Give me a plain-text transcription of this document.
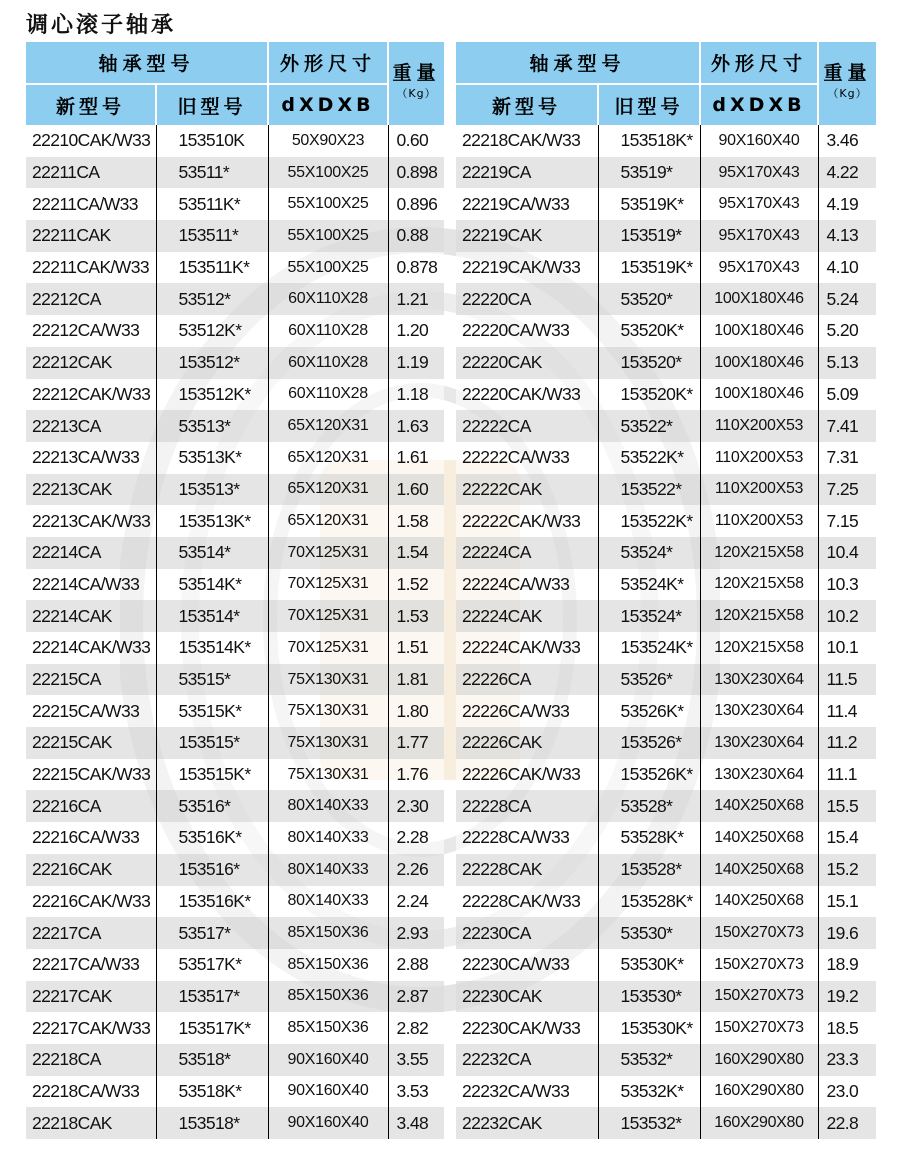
调心滚子轴承
轴承型号		外形尺寸	重量
（Kg）
新型号	旧型号	dXDXB	
22210CAK/W33	153510K	50X90X23	0.60
22211CA	53511*	55X100X25	0.898
22211CA/W33	53511K*	55X100X25	0.896
22211CAK	153511*	55X100X25	0.88
22211CAK/W33	153511K*	55X100X25	0.878
22212CA	53512*	60X110X28	1.21
22212CA/W33	53512K*	60X110X28	1.20
22212CAK	153512*	60X110X28	1.19
22212CAK/W33	153512K*	60X110X28	1.18
22213CA	53513*	65X120X31	1.63
22213CA/W33	53513K*	65X120X31	1.61
22213CAK	153513*	65X120X31	1.60
22213CAK/W33	153513K*	65X120X31	1.58
22214CA	53514*	70X125X31	1.54
22214CA/W33	53514K*	70X125X31	1.52
22214CAK	153514*	70X125X31	1.53
22214CAK/W33	153514K*	70X125X31	1.51
22215CA	53515*	75X130X31	1.81
22215CA/W33	53515K*	75X130X31	1.80
22215CAK	153515*	75X130X31	1.77
22215CAK/W33	153515K*	75X130X31	1.76
22216CA	53516*	80X140X33	2.30
22216CA/W33	53516K*	80X140X33	2.28
22216CAK	153516*	80X140X33	2.26
22216CAK/W33	153516K*	80X140X33	2.24
22217CA	53517*	85X150X36	2.93
22217CA/W33	53517K*	85X150X36	2.88
22217CAK	153517*	85X150X36	2.87
22217CAK/W33	153517K*	85X150X36	2.82
22218CA	53518*	90X160X40	3.55
22218CA/W33	53518K*	90X160X40	3.53
22218CAK	153518*	90X160X40	3.48
轴承型号		外形尺寸	重量
（Kg）
新型号	旧型号	dXDXB	
22218CAK/W33	153518K*	90X160X40	3.46
22219CA	53519*	95X170X43	4.22
22219CA/W33	53519K*	95X170X43	4.19
22219CAK	153519*	95X170X43	4.13
22219CAK/W33	153519K*	95X170X43	4.10
22220CA	53520*	100X180X46	5.24
22220CA/W33	53520K*	100X180X46	5.20
22220CAK	153520*	100X180X46	5.13
22220CAK/W33	153520K*	100X180X46	5.09
22222CA	53522*	110X200X53	7.41
22222CA/W33	53522K*	110X200X53	7.31
22222CAK	153522*	110X200X53	7.25
22222CAK/W33	153522K*	110X200X53	7.15
22224CA	53524*	120X215X58	10.4
22224CA/W33	53524K*	120X215X58	10.3
22224CAK	153524*	120X215X58	10.2
22224CAK/W33	153524K*	120X215X58	10.1
22226CA	53526*	130X230X64	11.5
22226CA/W33	53526K*	130X230X64	11.4
22226CAK	153526*	130X230X64	11.2
22226CAK/W33	153526K*	130X230X64	11.1
22228CA	53528*	140X250X68	15.5
22228CA/W33	53528K*	140X250X68	15.4
22228CAK	153528*	140X250X68	15.2
22228CAK/W33	153528K*	140X250X68	15.1
22230CA	53530*	150X270X73	19.6
22230CA/W33	53530K*	150X270X73	18.9
22230CAK	153530*	150X270X73	19.2
22230CAK/W33	153530K*	150X270X73	18.5
22232CA	53532*	160X290X80	23.3
22232CA/W33	53532K*	160X290X80	23.0
22232CAK	153532*	160X290X80	22.8
